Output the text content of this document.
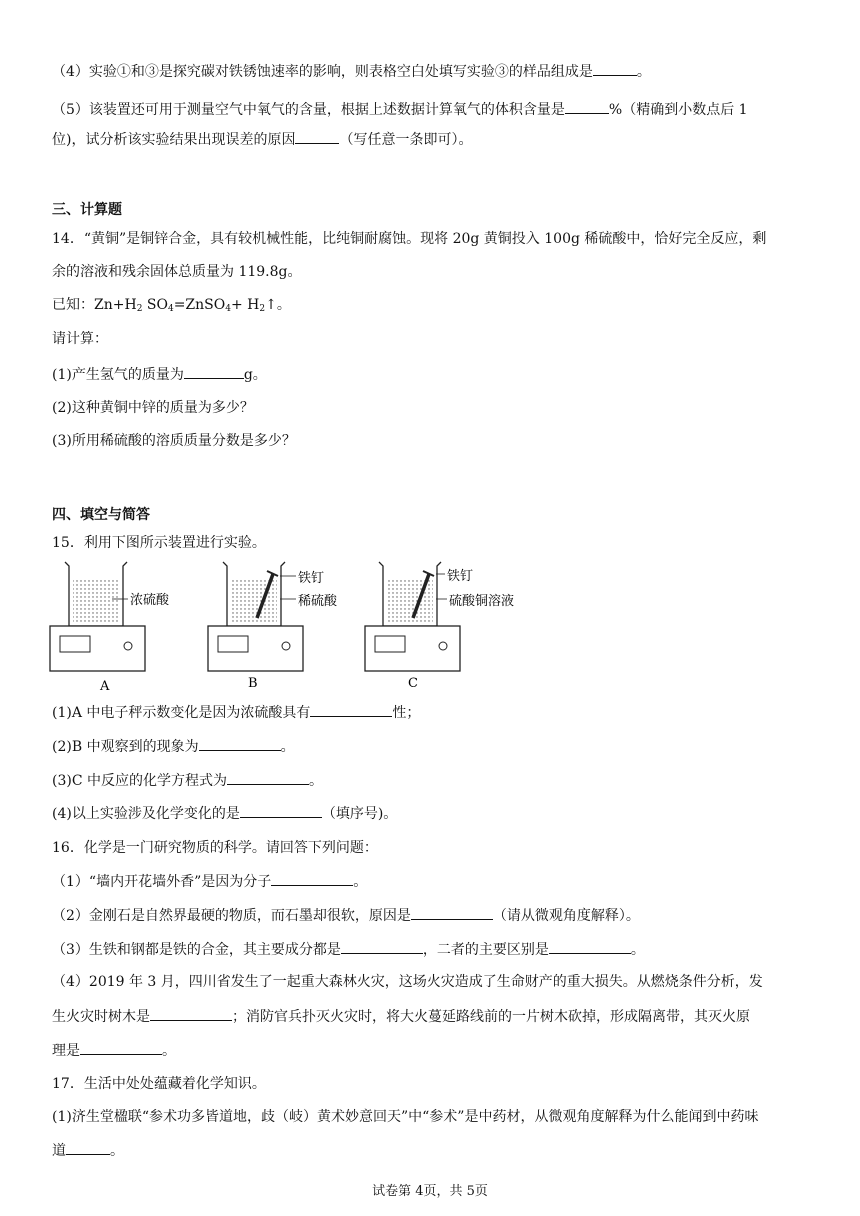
（4）实验①和③是探究碳对铁锈蚀速率的影响，则表格空白处填写实验③的样品组成是	。
（5）该装置还可用于测量空气中氧气的含量，根据上述数据计算氧气的体积含量是	%（精确到小数点后 1
位)，试分析该实验结果出现误差的原因	（写任意一条即可）。
三、计算题
14．“黄铜”是铜锌合金，具有较机械性能，比纯铜耐腐蚀。现将 20g 黄铜投入 100g 稀硫酸中，恰好完全反应，剩
余的溶液和残余固体总质量为 119.8g。
已知：$Zn+H_2$ $SO_4=ZnSO_4+$ $H_2↑$。
请计算：
(1)产生氢气的质量为	g。
(2)这种黄铜中锌的质量为多少？
(3)所用稀硫酸的溶质质量分数是多少？
四、填空与简答
15．利用下图所示装置进行实验。
浓硫酸
A
铁钉
稀硫酸
B
铁钉
硫酸铜溶液
C
(1)A 中电子秤示数变化是因为浓硫酸具有	性；
(2)B 中观察到的现象为	。
(3)C 中反应的化学方程式为	。
(4)以上实验涉及化学变化的是	（填序号)。
16．化学是一门研究物质的科学。请回答下列问题：
（1）“墙内开花墙外香”是因为分子	。
（2）金刚石是自然界最硬的物质，而石墨却很软，原因是	（请从微观角度解释）。
（3）生铁和钢都是铁的合金，其主要成分都是	，二者的主要区别是	。
（4）2019 年 3 月，四川省发生了一起重大森林火灾，这场火灾造成了生命财产的重大损失。从燃烧条件分析，发
生火灾时树木是	；消防官兵扑灭火灾时，将大火蔓延路线前的一片树木砍掉，形成隔离带，其灭火原
理是	。
17．生活中处处蕴藏着化学知识。
(1)济生堂楹联“参术功多皆道地，歧（岐）黄术妙意回天”中“参术”是中药材，从微观角度解释为什么能闻到中药味
道	。
试卷第 4页，共 5页
